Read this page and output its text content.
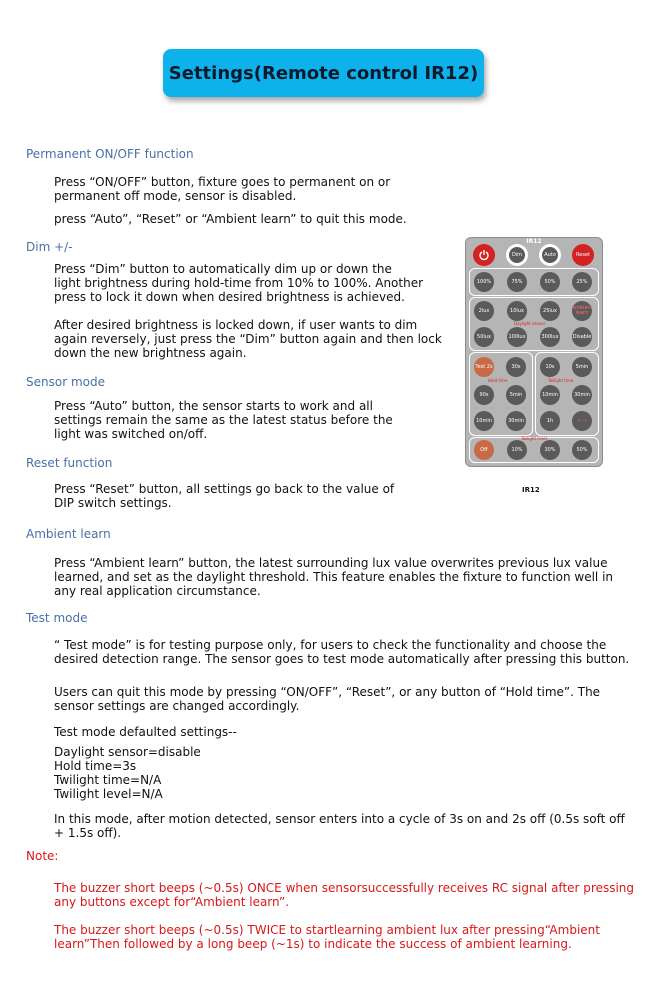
Settings(Remote control IR12)
Permanent ON/OFF function
Press “ON/OFF” button, fixture goes to permanent on or
permanent off mode, sensor is disabled.
press “Auto”, “Reset” or “Ambient learn” to quit this mode.
Dim +/-
Press “Dim” button to automatically dim up or down the
light brightness during hold-time from 10% to 100%. Another
press to lock it down when desired brightness is achieved.
After desired brightness is locked down, if user wants to dim
again reversely, just press the “Dim” button again and then lock
down the new brightness again.
Sensor mode
Press “Auto” button, the sensor starts to work and all
settings remain the same as the latest status before the
light was switched on/off.
Reset function
Press “Reset” button, all settings go back to the value of
DIP switch settings.
Ambient learn
Press “Ambient learn” button, the latest surrounding lux value overwrites previous lux value
learned, and set as the daylight threshold. This feature enables the fixture to function well in
any real application circumstance.
Test mode
“ Test mode” is for testing purpose only, for users to check the functionality and choose the
desired detection range. The sensor goes to test mode automatically after pressing this button.
Users can quit this mode by pressing “ON/OFF”, “Reset”, or any button of “Hold time”. The
sensor settings are changed accordingly.
Test mode defaulted settings--
Daylight sensor=disable
Hold time=3s
Twilight time=N/A
Twilight level=N/A
In this mode, after motion detected, sensor enters into a cycle of 3s on and 2s off (0.5s soft off
+ 1.5s off).
Note:
The buzzer short beeps (~0.5s) ONCE when sensorsuccessfully receives RC signal after pressing
any buttons except for“Ambient learn”.
The buzzer short beeps (~0.5s) TWICE to startlearning ambient lux after pressing“Ambient
learn”Then followed by a long beep (~1s) to indicate the success of ambient learning.
IR12
Dim	Auto	Reset
100%	75%	50%	25%
2lux	10lux	25lux	Ambient learn
Daylight sensor
50lux	100lux	300lux	Disable
Test 2s	30s
Hold time
90s	5min
10min	30min
10s	5min
Twilight time
10min	30min
1h	+ ∞
Twilight level
Off	10%	30%	50%
IR12
